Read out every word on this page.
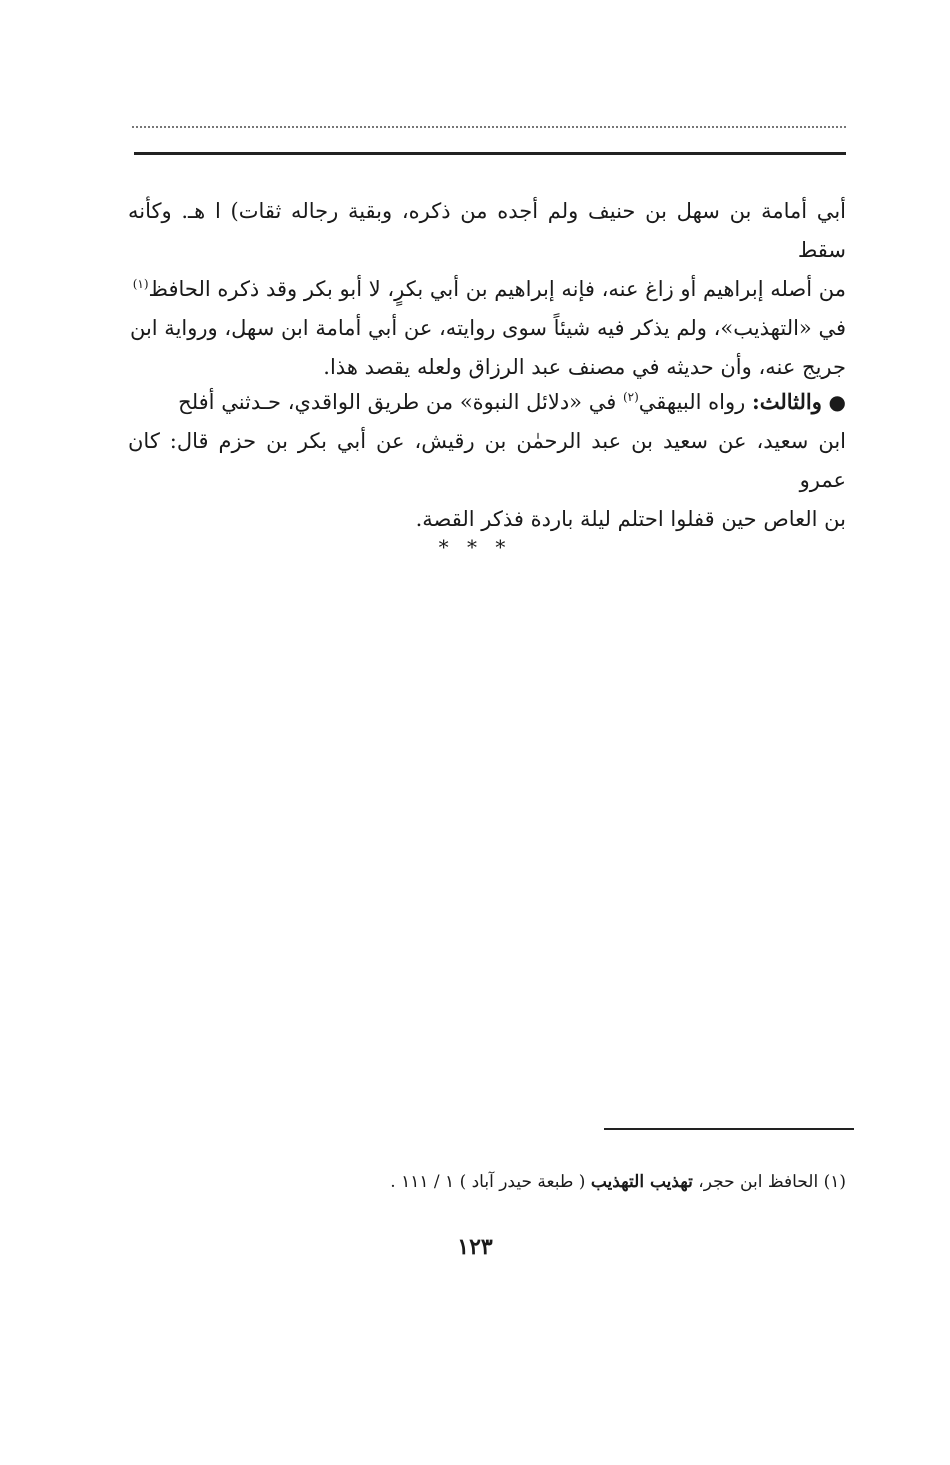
أبي أمامة بن سهل بن حنيف ولم أجده من ذكره، وبقية رجاله ثقات) ا هـ. وكأنه سقط

من أصله إبراهيم أو زاغ عنه، فإنه إبراهيم بن أبي بكرٍ، لا أبو بكر وقد ذكره الحافظ$^{(١)}$

في «التهذيب»، ولم يذكر فيه شيئاً سوى روايته، عن أبي أمامة ابن سهل، ورواية ابن

جريج عنه، وأن حديثه في مصنف عبد الرزاق ولعله يقصد هذا.

● والثالث: رواه البيهقي$^{(٢)}$ في «دلائل النبوة» من طريق الواقدي، حـدثني أفلح

ابن سعيد، عن سعيد بن عبد الرحمٰن بن رقيش، عن أبي بكر بن حزم قال: كان عمرو

بن العاص حين قفلوا احتلم ليلة باردة فذكر القصة.

* * *
(١) الحافظ ابن حجر، تهذيب التهذيب ( طبعة حيدر آباد ) ١ / ١١١ .
١٢٣
